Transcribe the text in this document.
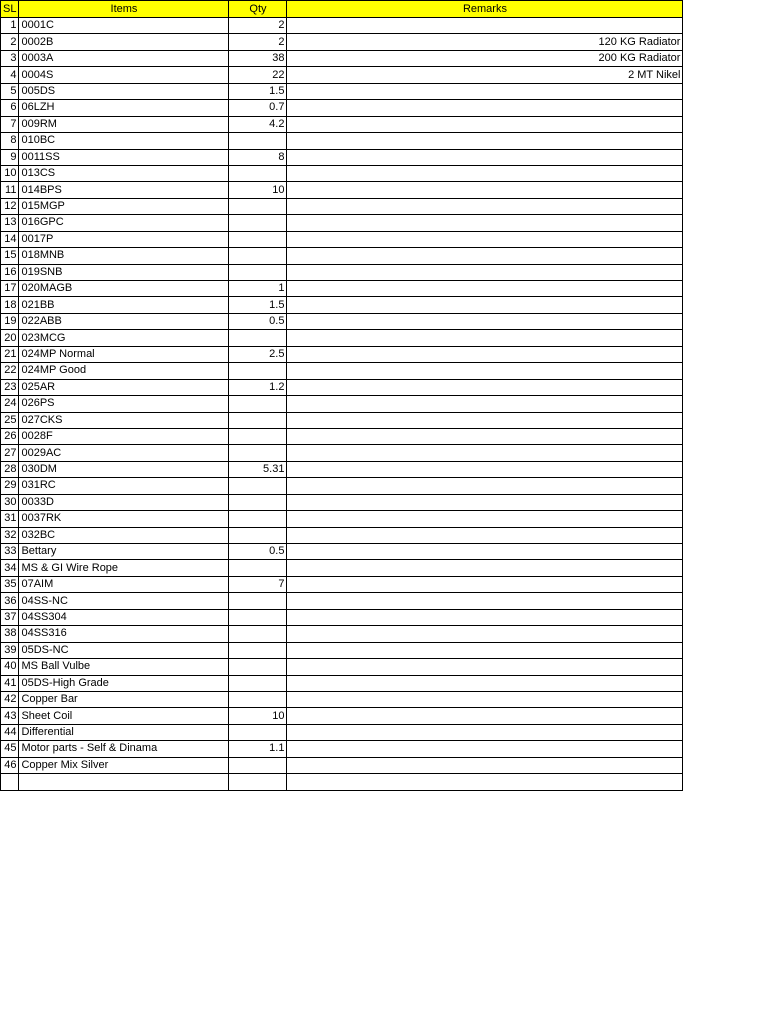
SL	Items	Qty	Remarks
1	0001C	2	
2	0002B	2	120 KG Radiator
3	0003A	38	200 KG Radiator
4	0004S	22	2 MT Nikel
5	005DS	1.5	
6	06LZH	0.7	
7	009RM	4.2	
8	010BC		
9	0011SS	8	
10	013CS		
11	014BPS	10	
12	015MGP		
13	016GPC		
14	0017P		
15	018MNB		
16	019SNB		
17	020MAGB	1	
18	021BB	1.5	
19	022ABB	0.5	
20	023MCG		
21	024MP Normal	2.5	
22	024MP Good		
23	025AR	1.2	
24	026PS		
25	027CKS		
26	0028F		
27	0029AC		
28	030DM	5.31	
29	031RC		
30	0033D		
31	0037RK		
32	032BC		
33	Bettary	0.5	
34	MS & GI Wire Rope		
35	07AIM	7	
36	04SS-NC		
37	04SS304		
38	04SS316		
39	05DS-NC		
40	MS Ball Vulbe		
41	05DS-High Grade		
42	Copper Bar		
43	Sheet Coil	10	
44	Differential		
45	Motor parts - Self & Dinama	1.1	
46	Copper Mix Silver		
